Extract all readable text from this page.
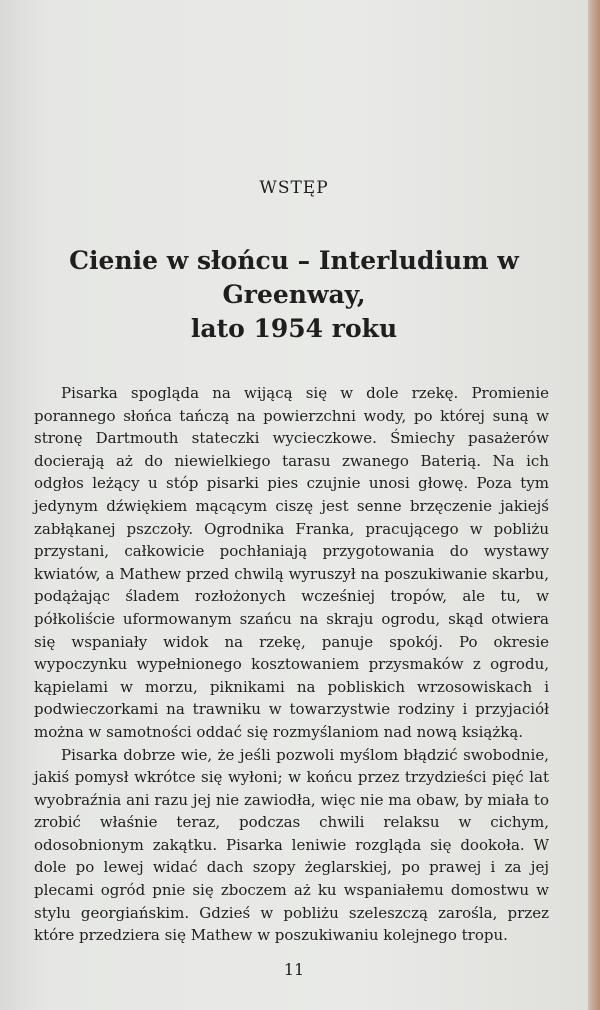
WSTĘP
Cienie w słońcu – Interludium w Greenway,
lato 1954 roku

Pisarka spogląda na wijącą się w dole rzekę. Promienie porannego słońca tańczą na powierzchni wody, po której suną w stronę Dartmouth stateczki wycieczkowe. Śmiechy pasażerów docierają aż do niewielkiego tarasu zwanego Baterią. Na ich odgłos leżący u stóp pisarki pies czujnie unosi głowę. Poza tym jedynym dźwiękiem mącącym ciszę jest senne brzęczenie jakiejś zabłąkanej pszczoły. Ogrodnika Franka, pracującego w pobliżu przystani, całkowicie pochłaniają przygotowania do wystawy kwiatów, a Mathew przed chwilą wyruszył na poszukiwanie skarbu, podążając śladem rozłożonych wcześniej tropów, ale tu, w półkoliście uformowanym szańcu na skraju ogrodu, skąd otwiera się wspaniały widok na rzekę, panuje spokój. Po okresie wypoczynku wypełnionego kosztowaniem przysmaków z ogrodu, kąpielami w morzu, piknikami na pobliskich wrzosowiskach i podwieczorkami na trawniku w towarzystwie rodziny i przyjaciół można w samotności oddać się rozmyślaniom nad nową książką.

Pisarka dobrze wie, że jeśli pozwoli myślom błądzić swobodnie, jakiś pomysł wkrótce się wyłoni; w końcu przez trzydzieści pięć lat wyobraźnia ani razu jej nie zawiodła, więc nie ma obaw, by miała to zrobić właśnie teraz, podczas chwili relaksu w cichym, odosobnionym zakątku. Pisarka leniwie rozgląda się dookoła. W dole po lewej widać dach szopy żeglarskiej, po prawej i za jej plecami ogród pnie się zboczem aż ku wspaniałemu domostwu w stylu georgiańskim. Gdzieś w pobliżu szeleszczą zarośla, przez które przedziera się Mathew w poszukiwaniu kolejnego tropu.

11
